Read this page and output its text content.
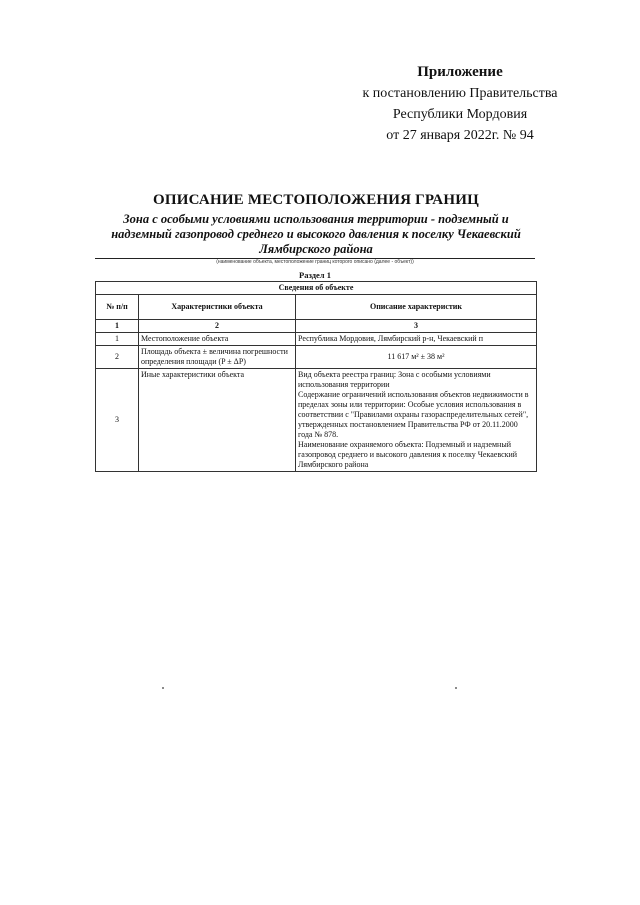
Приложение
к постановлению Правительства
Республики Мордовия
от 27 января 2022г. № 94
ОПИСАНИЕ МЕСТОПОЛОЖЕНИЯ ГРАНИЦ
Зона с особыми условиями использования территории - подземный и надземный газопровод среднего и высокого давления к поселку Чекаевский Лямбирского района
(наименование объекта, местоположение границ которого описано (далее - объект))
Раздел 1
Сведения об объекте		
№ п/п	Характеристики объекта	Описание характеристик
1	2	3
1	Местоположение объекта	Республика Мордовия, Лямбирский р-н, Чекаевский п
2	Площадь объекта ± величина погрешности определения площади (P ± ΔP)	11 617 м² ± 38 м²
3	Иные характеристики объекта	Вид объекта реестра границ: Зона с особыми условиями использования территории
Содержание ограничений использования объектов недвижимости в пределах зоны или территории: Особые условия использования в соответствии с "Правилами охраны газораспределительных сетей", утвержденных постановлением Правительства РФ от 20.11.2000 года № 878.
Наименование охраняемого объекта: Подземный и надземный газопровод среднего и высокого давления к поселку Чекаевский Лямбирского района
